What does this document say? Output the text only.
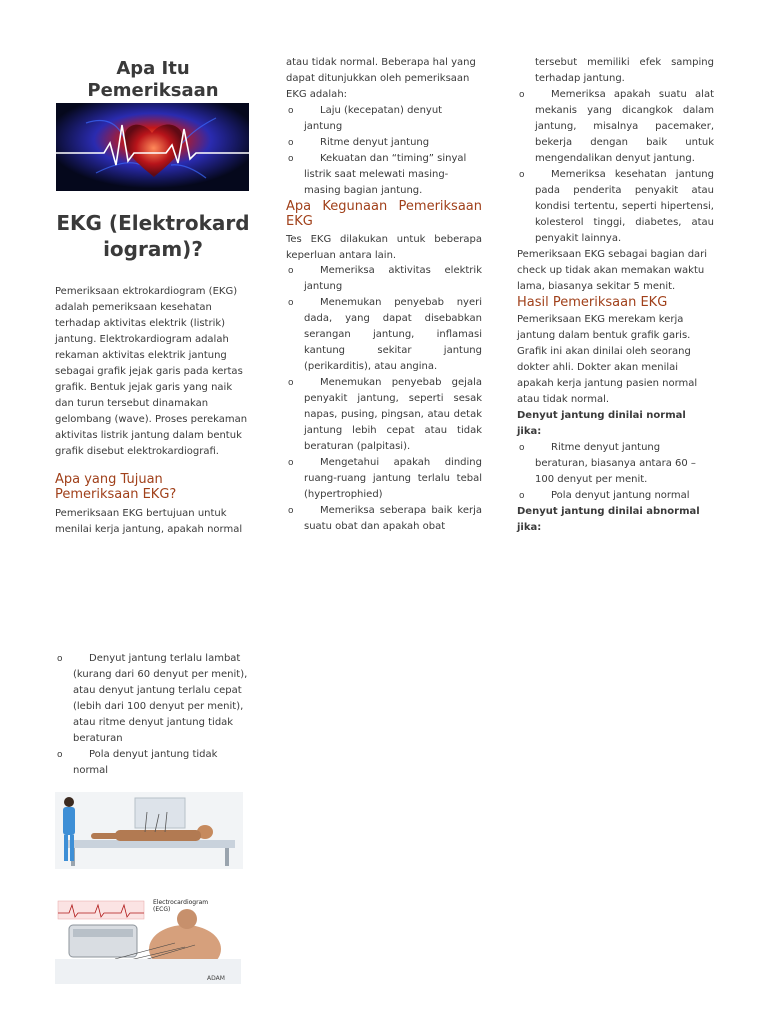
Apa Itu
Pemeriksaan
EKG (Elektrokardiogram)?
Pemeriksaan ektrokardiogram (EKG) adalah pemeriksaan kesehatan terhadap aktivitas elektrik (listrik) jantung. Elektrokardiogram adalah rekaman aktivitas elektrik jantung sebagai grafik jejak garis pada kertas grafik. Bentuk jejak garis yang naik dan turun tersebut dinamakan gelombang (wave). Proses perekaman aktivitas listrik jantung dalam bentuk grafik disebut elektrokardiografi.
Apa yang Tujuan Pemeriksaan EKG?
Pemeriksaan EKG bertujuan untuk menilai kerja jantung, apakah normal
o	Denyut jantung terlalu lambat (kurang dari 60 denyut per menit), atau denyut jantung terlalu cepat (lebih dari 100 denyut per menit), atau ritme denyut jantung tidak beraturan
o	Pola denyut jantung tidak normal
Electrocardiogram (ECG)
ADAM
atau tidak normal. Beberapa hal yang dapat ditunjukkan oleh pemeriksaan EKG adalah:
o	Laju (kecepatan) denyut jantung
o	Ritme denyut jantung
o	Kekuatan dan “timing” sinyal listrik saat melewati masing-masing bagian jantung.
Apa Kegunaan Pemeriksaan EKG
Tes EKG dilakukan untuk beberapa keperluan antara lain.
o	Memeriksa aktivitas elektrik jantung
o	Menemukan penyebab nyeri dada, yang dapat disebabkan serangan jantung, inflamasi kantung sekitar jantung (perikarditis), atau angina.
o	Menemukan penyebab gejala penyakit jantung, seperti sesak napas, pusing, pingsan, atau detak jantung lebih cepat atau tidak beraturan (palpitasi).
o	Mengetahui apakah dinding ruang-ruang jantung terlalu tebal (hypertrophied)
o	Memeriksa seberapa baik kerja suatu obat dan apakah obat
tersebut memiliki efek samping terhadap jantung.
o	Memeriksa apakah suatu alat mekanis yang dicangkok dalam jantung, misalnya pacemaker, bekerja dengan baik untuk mengendalikan denyut jantung.
o	Memeriksa kesehatan jantung pada penderita penyakit atau kondisi tertentu, seperti hipertensi, kolesterol tinggi, diabetes, atau penyakit lainnya.
Pemeriksaan EKG sebagai bagian dari check up tidak akan memakan waktu lama, biasanya sekitar 5 menit.
Hasil Pemeriksaan EKG
Pemeriksaan EKG merekam kerja jantung dalam bentuk grafik garis. Grafik ini akan dinilai oleh seorang dokter ahli. Dokter akan menilai apakah kerja jantung pasien normal atau tidak normal.
Denyut jantung dinilai normal jika:
o	Ritme denyut jantung beraturan, biasanya antara 60 – 100 denyut per menit.
o	Pola denyut jantung normal
Denyut jantung dinilai abnormal jika:
